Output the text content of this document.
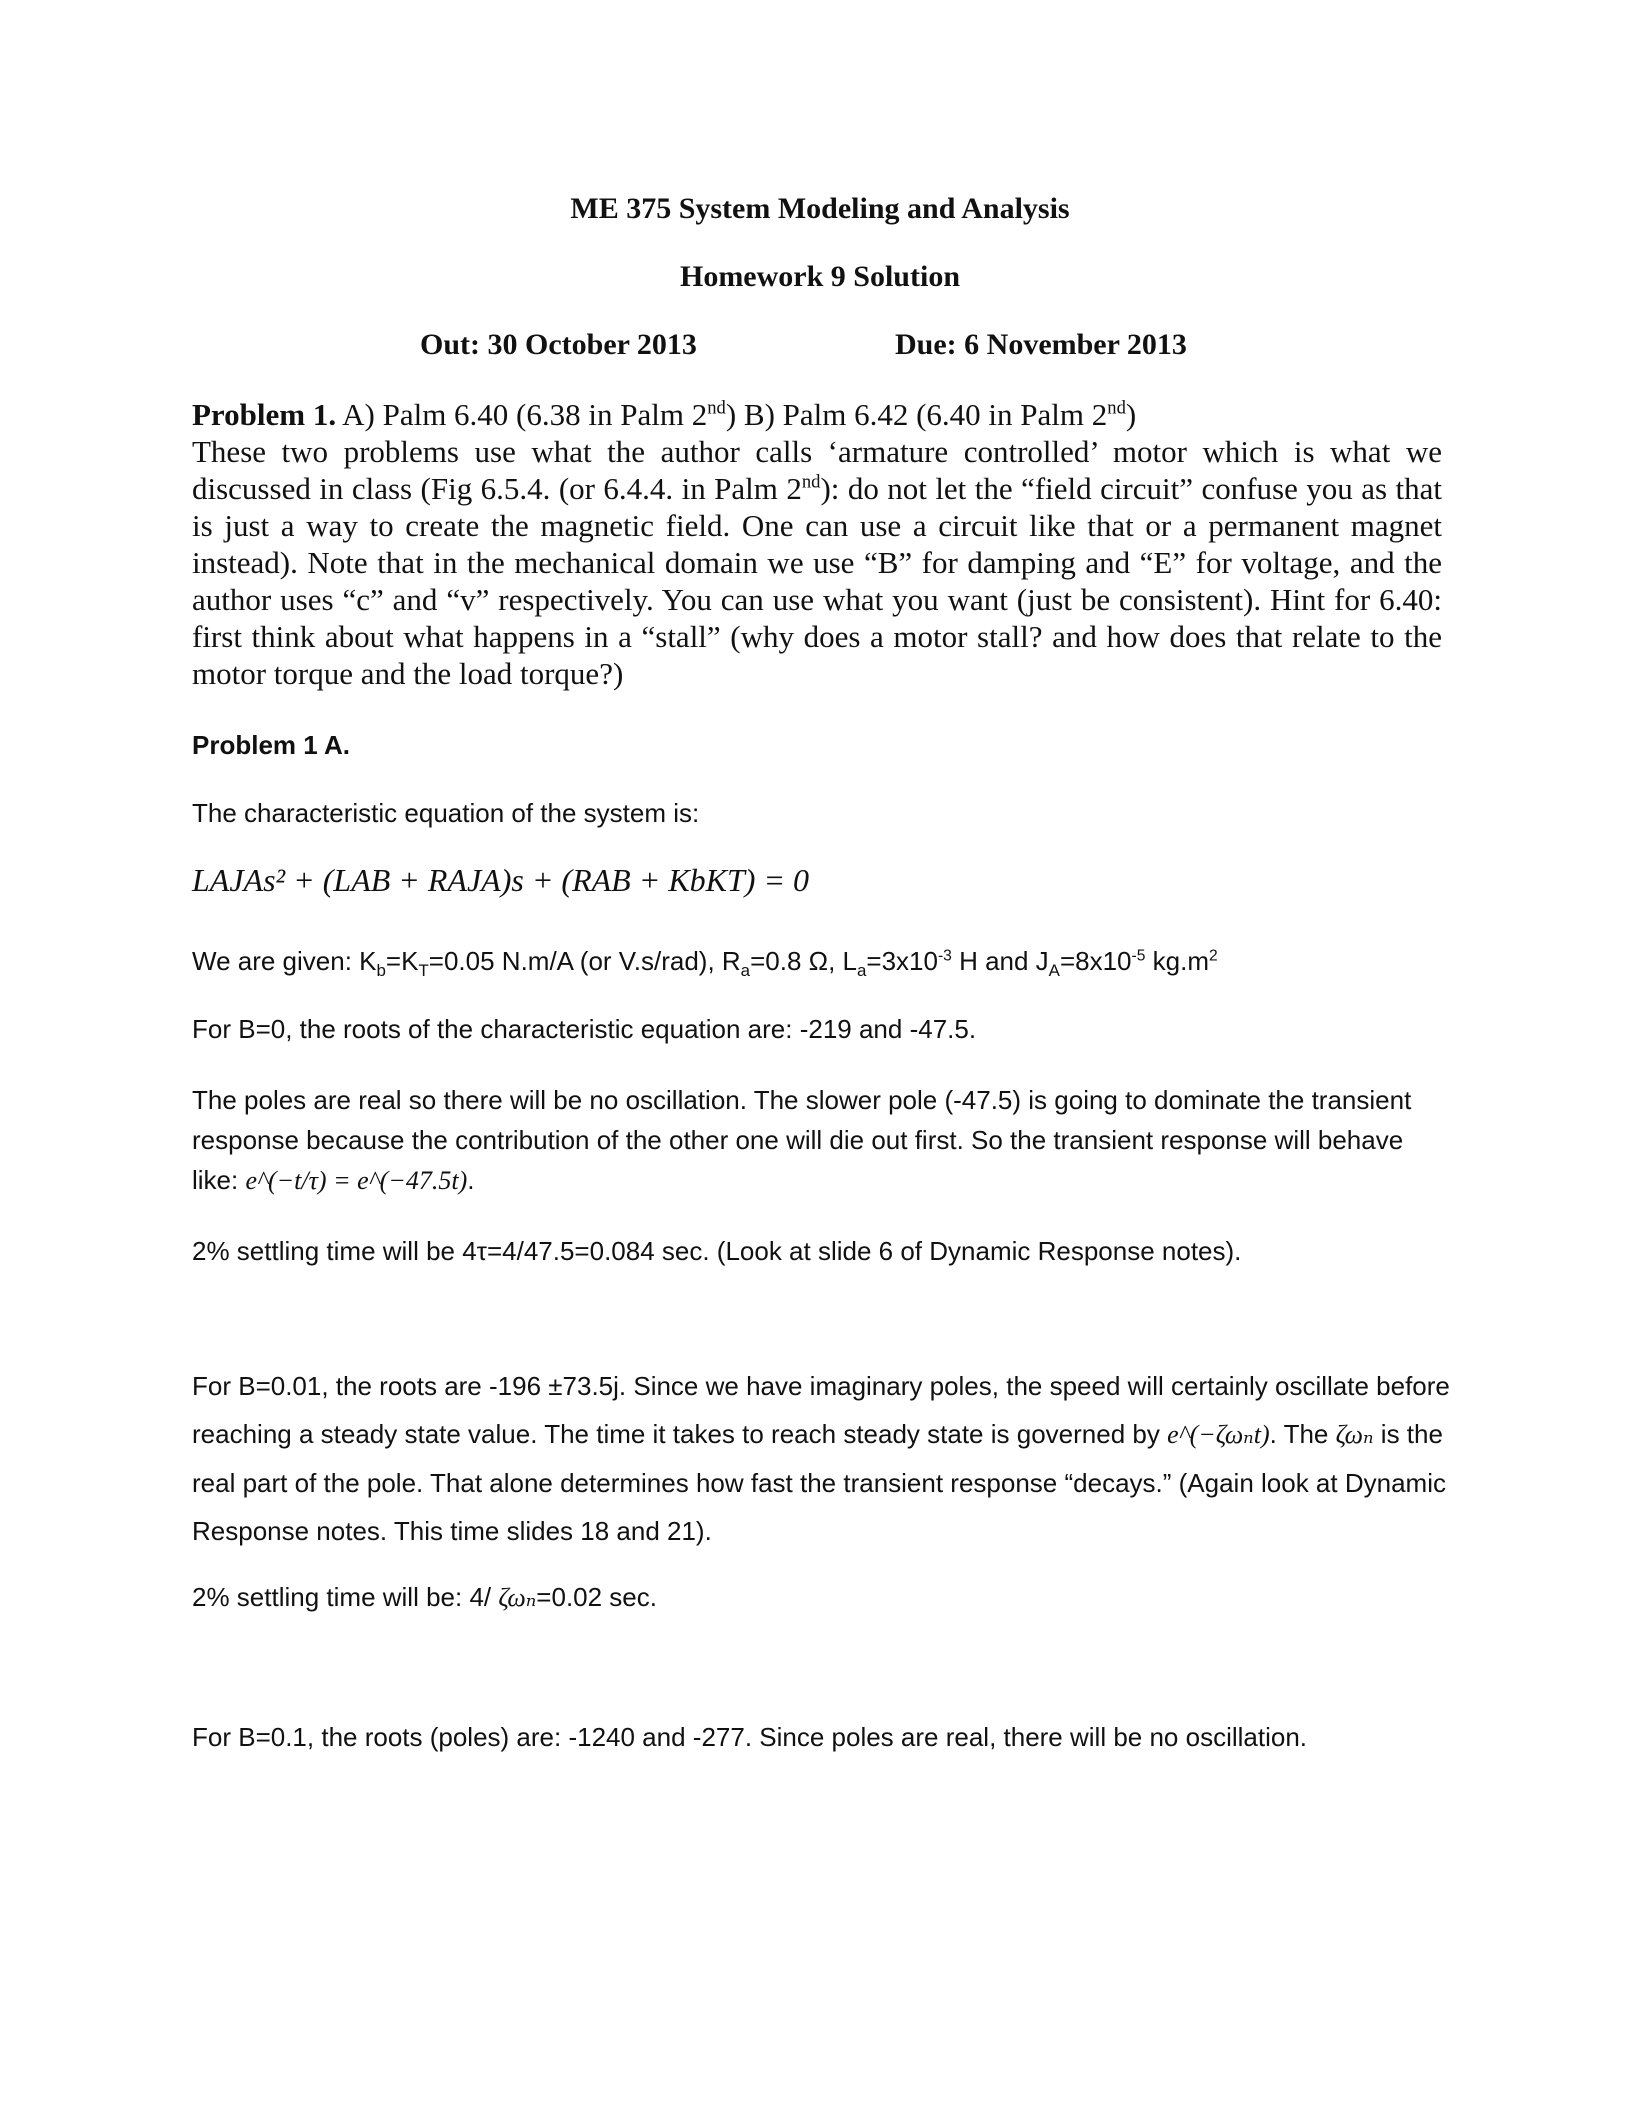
ME 375 System Modeling and Analysis
Homework 9 Solution
Out: 30 October 2013	Due: 6 November 2013
Problem 1. A) Palm 6.40 (6.38 in Palm 2nd) B) Palm 6.42 (6.40 in Palm 2nd)
These two problems use what the author calls ‘armature controlled’ motor which is what we discussed in class (Fig 6.5.4. (or 6.4.4. in Palm 2nd): do not let the “field circuit” confuse you as that is just a way to create the magnetic field. One can use a circuit like that or a permanent magnet instead). Note that in the mechanical domain we use “B” for damping and “E” for voltage, and the author uses “c” and “v” respectively. You can use what you want (just be consistent). Hint for 6.40: first think about what happens in a “stall” (why does a motor stall? and how does that relate to the motor torque and the load torque?)
Problem 1 A.
The characteristic equation of the system is:
LAJAs² + (LAB + RAJA)s + (RAB + KbKT) = 0
We are given: $K_b=K_T=0.05$ N.m/A (or V.s/rad), $R_a=0.8$ Ω, $L_a=3x10^{-3}$ H and $J_A=8x10^{-5}$ $kg.m^2$
For B=0, the roots of the characteristic equation are: -219 and -47.5.
The poles are real so there will be no oscillation. The slower pole (-47.5) is going to dominate the transient response because the contribution of the other one will die out first. So the transient response will behave like: e^(−t/τ) = e^(−47.5t).
2% settling time will be 4τ=4/47.5=0.084 sec. (Look at slide 6 of Dynamic Response notes).
For B=0.01, the roots are -196 ±73.5j. Since we have imaginary poles, the speed will certainly oscillate before reaching a steady state value. The time it takes to reach steady state is governed by e^(−ζωₙt). The ζωₙ is the real part of the pole. That alone determines how fast the transient response “decays.” (Again look at Dynamic Response notes. This time slides 18 and 21).
2% settling time will be: 4/ ζωₙ=0.02 sec.
For B=0.1, the roots (poles) are: -1240 and -277. Since poles are real, there will be no oscillation.
